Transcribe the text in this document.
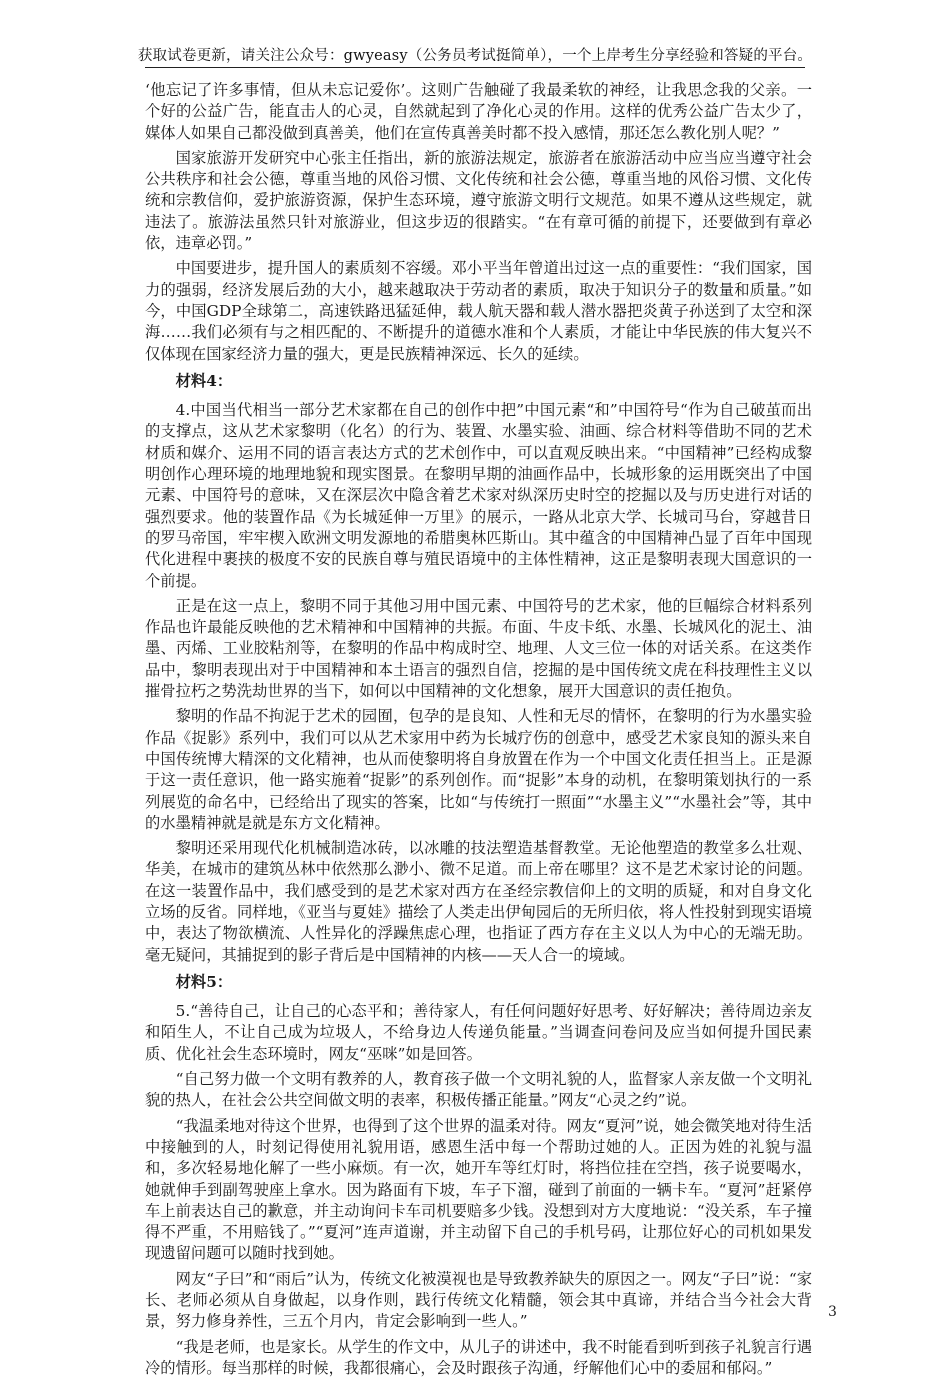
获取试卷更新，请关注公众号：gwyeasy（公务员考试挺简单），一个上岸考生分享经验和答疑的平台。

‘他忘记了许多事情，但从未忘记爱你’。这则广告触碰了我最柔软的神经，让我思念我的父亲。一个好的公益广告，能直击人的心灵，自然就起到了净化心灵的作用。这样的优秀公益广告太少了，媒体人如果自己都没做到真善美，他们在宣传真善美时都不投入感情，那还怎么教化别人呢？”

国家旅游开发研究中心张主任指出，新的旅游法规定，旅游者在旅游活动中应当应当遵守社会公共秩序和社会公德，尊重当地的风俗习惯、文化传统和社会公德，尊重当地的风俗习惯、文化传统和宗教信仰，爱护旅游资源，保护生态环境，遵守旅游文明行文规范。如果不遵从这些规定，就违法了。旅游法虽然只针对旅游业，但这步迈的很踏实。“在有章可循的前提下，还要做到有章必依，违章必罚。”

中国要进步，提升国人的素质刻不容缓。邓小平当年曾道出过这一点的重要性：“我们国家，国力的强弱，经济发展后劲的大小，越来越取决于劳动者的素质，取决于知识分子的数量和质量。”如今，中国GDP全球第二，高速铁路迅猛延伸，载人航天器和载人潜水器把炎黄子孙送到了太空和深海……我们必须有与之相匹配的、不断提升的道德水准和个人素质，才能让中华民族的伟大复兴不仅体现在国家经济力量的强大，更是民族精神深远、长久的延续。

材料4：

4.中国当代相当一部分艺术家都在自己的创作中把”中国元素“和”中国符号“作为自己破茧而出的支撑点，这从艺术家黎明（化名）的行为、装置、水墨实验、油画、综合材料等借助不同的艺术材质和媒介、运用不同的语言表达方式的艺术创作中，可以直观反映出来。“中国精神”已经构成黎明创作心理环境的地理地貌和现实图景。在黎明早期的油画作品中，长城形象的运用既突出了中国元素、中国符号的意味，又在深层次中隐含着艺术家对纵深历史时空的挖掘以及与历史进行对话的强烈要求。他的装置作品《为长城延伸一万里》的展示，一路从北京大学、长城司马台，穿越昔日的罗马帝国，牢牢楔入欧洲文明发源地的希腊奥林匹斯山。其中蕴含的中国精神凸显了百年中国现代化进程中裹挟的极度不安的民族自尊与殖民语境中的主体性精神，这正是黎明表现大国意识的一个前提。

正是在这一点上，黎明不同于其他习用中国元素、中国符号的艺术家，他的巨幅综合材料系列作品也许最能反映他的艺术精神和中国精神的共振。布面、牛皮卡纸、水墨、长城风化的泥土、油墨、丙烯、工业胶粘剂等，在黎明的作品中构成时空、地理、人文三位一体的对话关系。在这类作品中，黎明表现出对于中国精神和本土语言的强烈自信，挖掘的是中国传统文虎在科技理性主义以摧骨拉朽之势洗劫世界的当下，如何以中国精神的文化想象，展开大国意识的责任抱负。

黎明的作品不拘泥于艺术的园囿，包孕的是良知、人性和无尽的情怀，在黎明的行为水墨实验作品《捉影》系列中，我们可以从艺术家用中药为长城疗伤的创意中，感受艺术家良知的源头来自中国传统博大精深的文化精神，也从而使黎明将自身放置在作为一个中国文化责任担当上。正是源于这一责任意识，他一路实施着“捉影”的系列创作。而“捉影”本身的动机，在黎明策划执行的一系列展览的命名中，已经给出了现实的答案，比如“与传统打一照面”“水墨主义”“水墨社会”等，其中的水墨精神就是就是东方文化精神。

黎明还采用现代化机械制造冰砖，以冰雕的技法塑造基督教堂。无论他塑造的教堂多么壮观、华美，在城市的建筑丛林中依然那么渺小、微不足道。而上帝在哪里？这不是艺术家讨论的问题。在这一装置作品中，我们感受到的是艺术家对西方在圣经宗教信仰上的文明的质疑，和对自身文化立场的反省。同样地，《亚当与夏娃》描绘了人类走出伊甸园后的无所归依，将人性投射到现实语境中，表达了物欲横流、人性异化的浮躁焦虑心理，也指证了西方存在主义以人为中心的无端无助。毫无疑问，其捕捉到的影子背后是中国精神的内核——天人合一的境域。

材料5：

5.“善待自己，让自己的心态平和；善待家人，有任何问题好好思考、好好解决；善待周边亲友和陌生人，不让自己成为垃圾人，不给身边人传递负能量。”当调查问卷问及应当如何提升国民素质、优化社会生态环境时，网友“巫咪”如是回答。

“自己努力做一个文明有教养的人，教育孩子做一个文明礼貌的人，监督家人亲友做一个文明礼貌的热人，在社会公共空间做文明的表率，积极传播正能量。”网友“心灵之约”说。

“我温柔地对待这个世界，也得到了这个世界的温柔对待。网友“夏河”说，她会微笑地对待生活中接触到的人，时刻记得使用礼貌用语，感恩生活中每一个帮助过她的人。正因为姓的礼貌与温和，多次轻易地化解了一些小麻烦。有一次，她开车等红灯时，将挡位挂在空挡，孩子说要喝水，她就伸手到副驾驶座上拿水。因为路面有下坡，车子下溜，碰到了前面的一辆卡车。“夏河”赶紧停车上前表达自己的歉意，并主动询问卡车司机要赔多少钱。没想到对方大度地说：“没关系，车子撞得不严重，不用赔钱了。”“夏河”连声道谢，并主动留下自己的手机号码，让那位好心的司机如果发现遗留问题可以随时找到她。

网友“子曰”和“雨后”认为，传统文化被漠视也是导致教养缺失的原因之一。网友“子曰”说：“家长、老师必须从自身做起，以身作则，践行传统文化精髓，领会其中真谛，并结合当今社会大背景，努力修身养性，三五个月内，肯定会影响到一些人。”

“我是老师，也是家长。从学生的作文中，从儿子的讲述中，我不时能看到听到孩子礼貌言行遇冷的情形。每当那样的时候，我都很痛心，会及时跟孩子沟通，纾解他们心中的委屈和郁闷。”

3
